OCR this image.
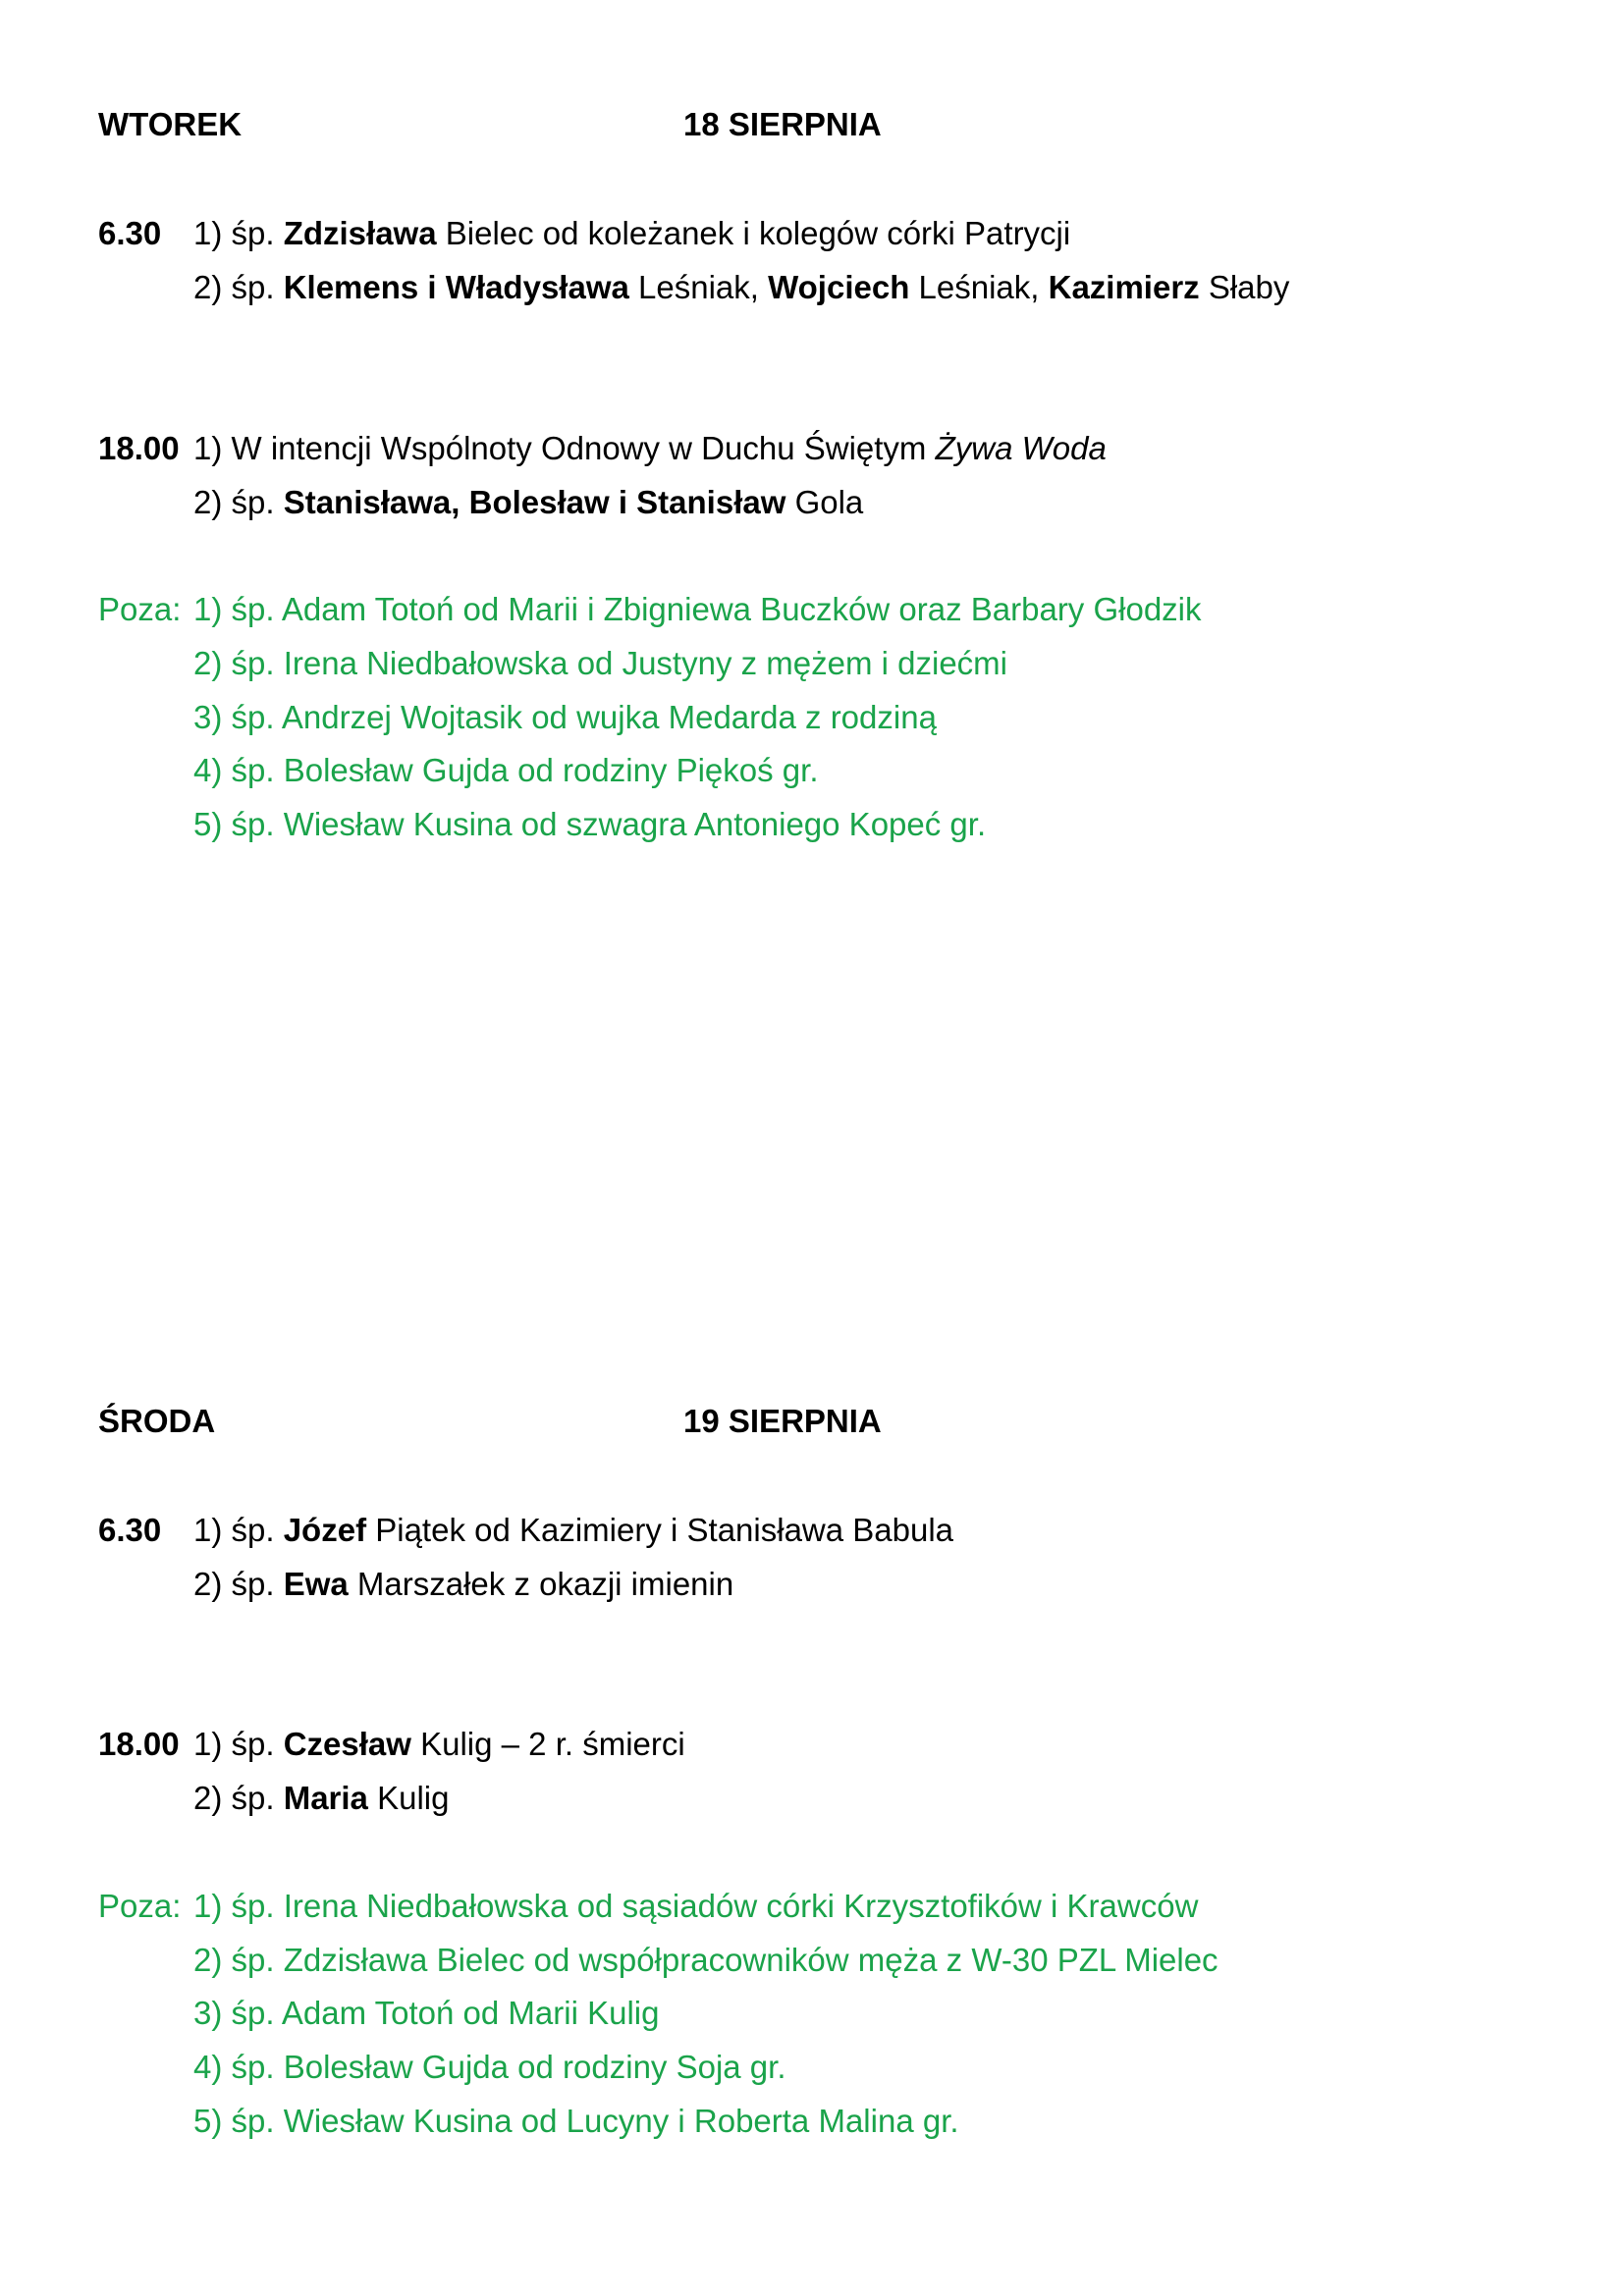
WTOREK	18 SIERPNIA
6.30 1) śp. Zdzisława Bielec od koleżanek i kolegów córki Patrycji
2) śp. Klemens i Władysława Leśniak, Wojciech Leśniak, Kazimierz Słaby
18.00 1) W intencji Wspólnoty Odnowy w Duchu Świętym Żywa Woda
2) śp. Stanisława, Bolesław i Stanisław Gola
Poza: 1) śp. Adam Totoń od Marii i Zbigniewa Buczków oraz Barbary Głodzik
2) śp. Irena Niedbałowska od Justyny z mężem i dziećmi
3) śp. Andrzej Wojtasik od wujka Medarda z rodziną
4) śp. Bolesław Gujda od rodziny Piękoś gr.
5) śp. Wiesław Kusina od szwagra Antoniego Kopeć gr.
ŚRODA	19 SIERPNIA
6.30 1) śp. Józef Piątek od Kazimiery i Stanisława Babula
2) śp. Ewa Marszałek z okazji imienin
18.00 1) śp. Czesław Kulig – 2 r. śmierci
2) śp. Maria Kulig
Poza: 1) śp. Irena Niedbałowska od sąsiadów córki Krzysztofików i Krawców
2) śp. Zdzisława Bielec od współpracowników męża z W-30 PZL Mielec
3) śp. Adam Totoń od Marii Kulig
4) śp. Bolesław Gujda od rodziny Soja gr.
5) śp. Wiesław Kusina od Lucyny i Roberta Malina gr.
